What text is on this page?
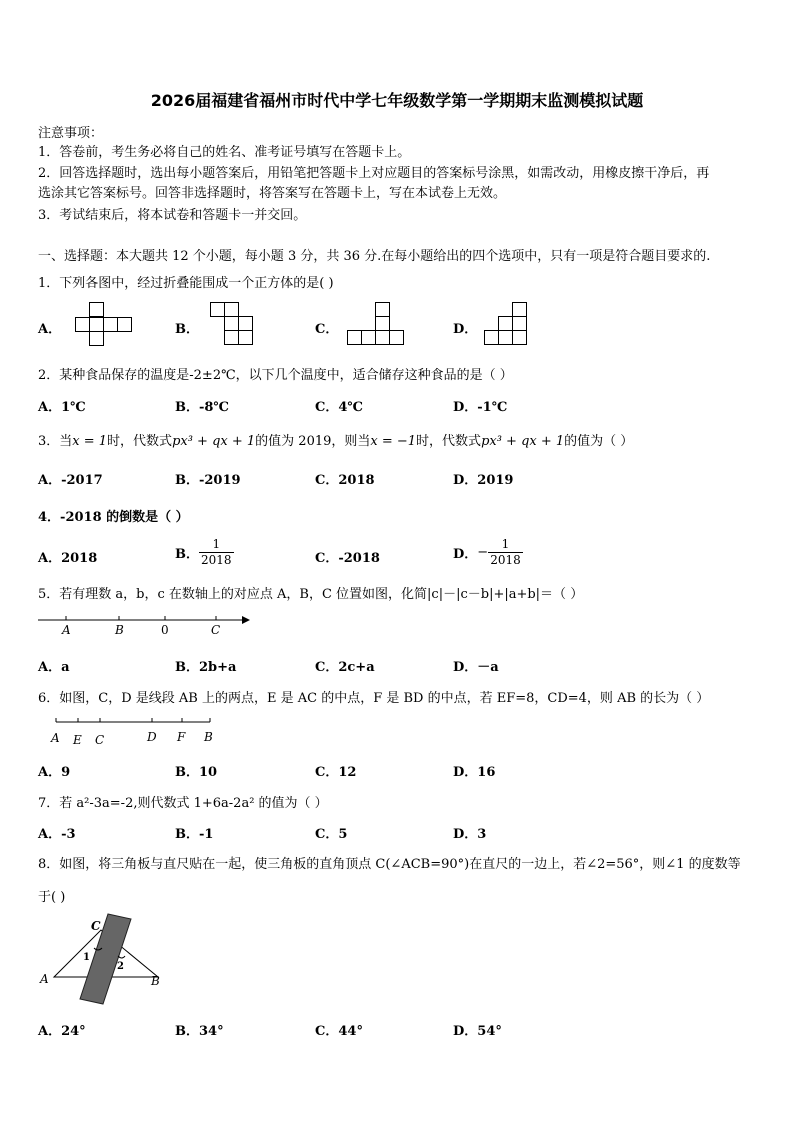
2026届福建省福州市时代中学七年级数学第一学期期末监测模拟试题
注意事项：
1．答卷前，考生务必将自己的姓名、准考证号填写在答题卡上。
2．回答选择题时，选出每小题答案后，用铅笔把答题卡上对应题目的答案标号涂黑，如需改动，用橡皮擦干净后，再
选涂其它答案标号。回答非选择题时，将答案写在答题卡上，写在本试卷上无效。
3．考试结束后，将本试卷和答题卡一并交回。
一、选择题：本大题共 12 个小题，每小题 3 分，共 36 分.在每小题给出的四个选项中，只有一项是符合题目要求的.
1．下列各图中，经过折叠能围成一个正方体的是( )
A．	B．	C．	D．
2．某种食品保存的温度是-2±2℃，以下几个温度中，适合储存这种食品的是（ ）
A．1℃	B．-8℃	C．4℃	D．-1℃
3．当x = 1时，代数式px³ + qx + 1的值为 2019，则当x = −1时，代数式px³ + qx + 1的值为（ ）
A．-2017	B．-2019	C．2018	D．2019
4．-2018 的倒数是（ ）
A．2018	B． $\frac{1}{2018}$	C．-2018	D．− $\frac{1}{2018}$
5．若有理数 a，b，c 在数轴上的对应点 A，B，C 位置如图，化简|c|－|c－b|+|a+b|＝（ ）
A	B	0	C
A．a	B．2b+a	C．2c+a	D．－a
6．如图，C，D 是线段 AB 上的两点，E 是 AC 的中点，F 是 BD 的中点，若 EF=8，CD=4，则 AB 的长为（ ）
A E C	D F B
A．9	B．10	C．12	D．16
7．若 a²-3a=-2,则代数式 1+6a-2a² 的值为（ ）
A．-3	B．-1	C．5	D．3
8．如图，将三角板与直尺贴在一起，使三角板的直角顶点 C(∠ACB=90°)在直尺的一边上，若∠2=56°，则∠1 的度数等
于( )
C
A	B
1
2
A．24°	B．34°	C．44°	D．54°
